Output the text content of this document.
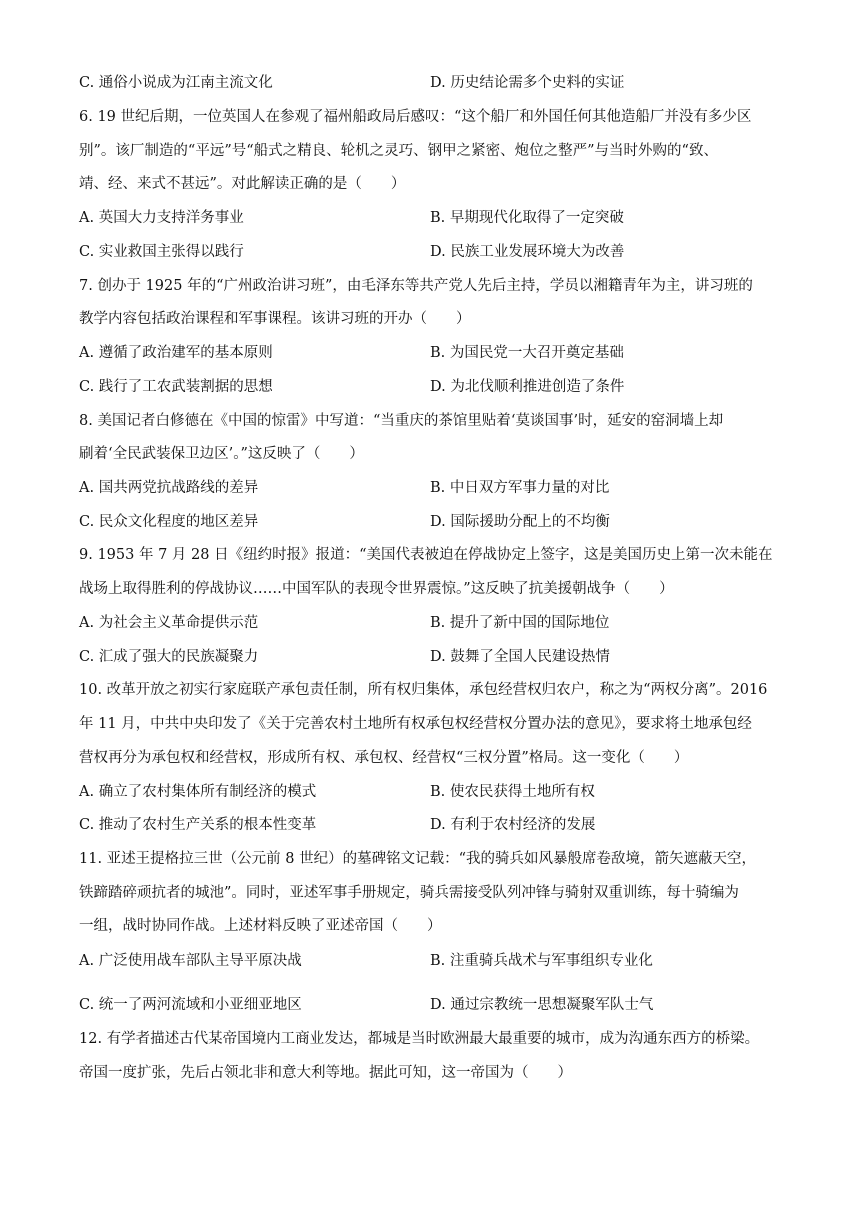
C. 通俗小说成为江南主流文化	D. 历史结论需多个史料的实证
6. 19 世纪后期，一位英国人在参观了福州船政局后感叹：“这个船厂和外国任何其他造船厂并没有多少区
别”。该厂制造的“平远”号“船式之精良、轮机之灵巧、钢甲之紧密、炮位之整严”与当时外购的“致、
靖、经、来式不甚远”。对此解读正确的是（　　）
A. 英国大力支持洋务事业	B. 早期现代化取得了一定突破
C. 实业救国主张得以践行	D. 民族工业发展环境大为改善
7. 创办于 1925 年的“广州政治讲习班”，由毛泽东等共产党人先后主持，学员以湘籍青年为主，讲习班的
教学内容包括政治课程和军事课程。该讲习班的开办（　　）
A. 遵循了政治建军的基本原则	B. 为国民党一大召开奠定基础
C. 践行了工农武装割据的思想	D. 为北伐顺利推进创造了条件
8. 美国记者白修德在《中国的惊雷》中写道：“当重庆的茶馆里贴着‘莫谈国事’时，延安的窑洞墙上却
刷着‘全民武装保卫边区’。”这反映了（　　）
A. 国共两党抗战路线的差异	B. 中日双方军事力量的对比
C. 民众文化程度的地区差异	D. 国际援助分配上的不均衡
9. 1953 年 7 月 28 日《纽约时报》报道：“美国代表被迫在停战协定上签字，这是美国历史上第一次未能在
战场上取得胜利的停战协议……中国军队的表现令世界震惊。”这反映了抗美援朝战争（　　）
A. 为社会主义革命提供示范	B. 提升了新中国的国际地位
C. 汇成了强大的民族凝聚力	D. 鼓舞了全国人民建设热情
10. 改革开放之初实行家庭联产承包责任制，所有权归集体，承包经营权归农户，称之为“两权分离”。2016
年 11 月，中共中央印发了《关于完善农村土地所有权承包权经营权分置办法的意见》，要求将土地承包经
营权再分为承包权和经营权，形成所有权、承包权、经营权“三权分置”格局。这一变化（　　）
A. 确立了农村集体所有制经济的模式	B. 使农民获得土地所有权
C. 推动了农村生产关系的根本性变革	D. 有利于农村经济的发展
11. 亚述王提格拉三世（公元前 8 世纪）的墓碑铭文记载：“我的骑兵如风暴般席卷敌境，箭矢遮蔽天空，
铁蹄踏碎顽抗者的城池”。同时，亚述军事手册规定，骑兵需接受队列冲锋与骑射双重训练，每十骑编为
一组，战时协同作战。上述材料反映了亚述帝国（　　）
A. 广泛使用战车部队主导平原决战	B. 注重骑兵战术与军事组织专业化
C. 统一了两河流域和小亚细亚地区	D. 通过宗教统一思想凝聚军队士气
12. 有学者描述古代某帝国境内工商业发达，都城是当时欧洲最大最重要的城市，成为沟通东西方的桥梁。
帝国一度扩张，先后占领北非和意大利等地。据此可知，这一帝国为（　　）
